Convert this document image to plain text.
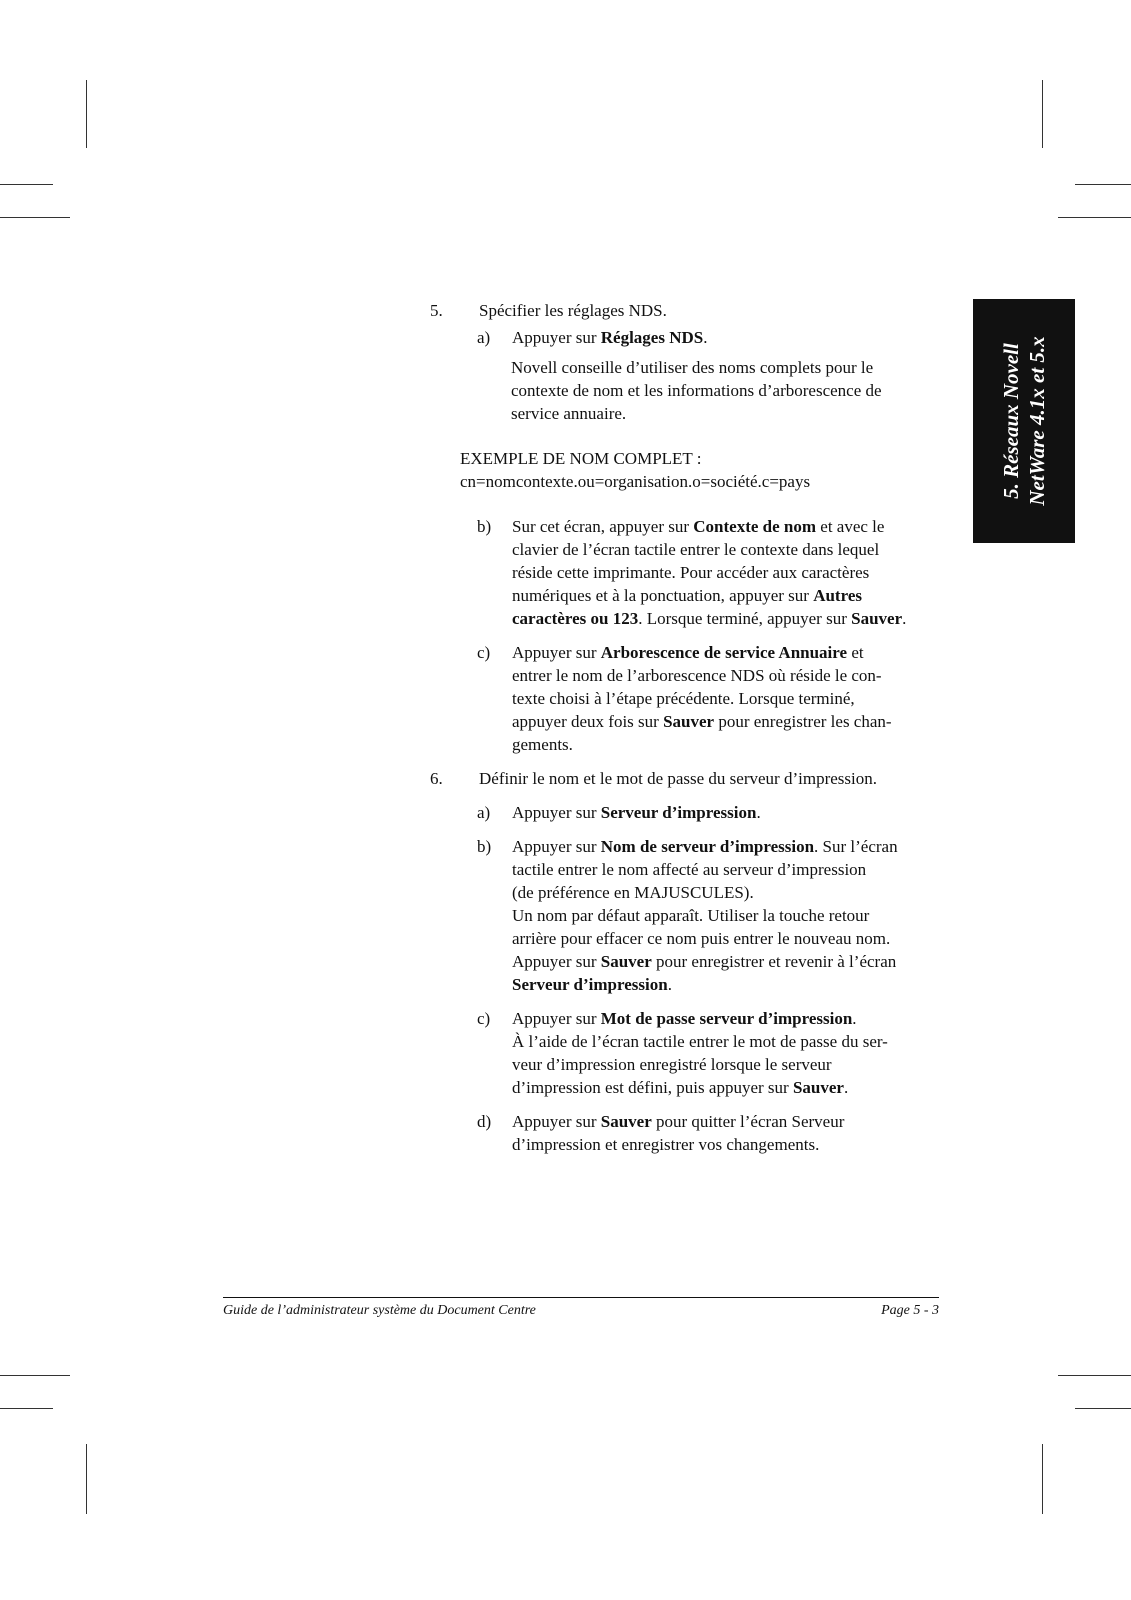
5. Réseaux Novell NetWare 4.1x et 5.x
5. Spécifier les réglages NDS.
a) Appuyer sur Réglages NDS.
Novell conseille d’utiliser des noms complets pour le
contexte de nom et les informations d’arborescence de
service annuaire.
EXEMPLE DE NOM COMPLET :
cn=nomcontexte.ou=organisation.o=société.c=pays
b) Sur cet écran, appuyer sur Contexte de nom et avec le
clavier de l’écran tactile entrer le contexte dans lequel
réside cette imprimante. Pour accéder aux caractères
numériques et à la ponctuation, appuyer sur Autres
caractères ou 123. Lorsque terminé, appuyer sur Sauver.
c) Appuyer sur Arborescence de service Annuaire et
entrer le nom de l’arborescence NDS où réside le con-
texte choisi à l’étape précédente. Lorsque terminé,
appuyer deux fois sur Sauver pour enregistrer les chan-
gements.
6. Définir le nom et le mot de passe du serveur d’impression.
a) Appuyer sur Serveur d’impression.
b) Appuyer sur Nom de serveur d’impression. Sur l’écran
tactile entrer le nom affecté au serveur d’impression
(de préférence en MAJUSCULES).
Un nom par défaut apparaît. Utiliser la touche retour
arrière pour effacer ce nom puis entrer le nouveau nom.
Appuyer sur Sauver pour enregistrer et revenir à l’écran
Serveur d’impression.
c) Appuyer sur Mot de passe serveur d’impression.
À l’aide de l’écran tactile entrer le mot de passe du ser-
veur d’impression enregistré lorsque le serveur
d’impression est défini, puis appuyer sur Sauver.
d) Appuyer sur Sauver pour quitter l’écran Serveur
d’impression et enregistrer vos changements.
Guide de l’administrateur système du Document Centre	Page 5 - 3
